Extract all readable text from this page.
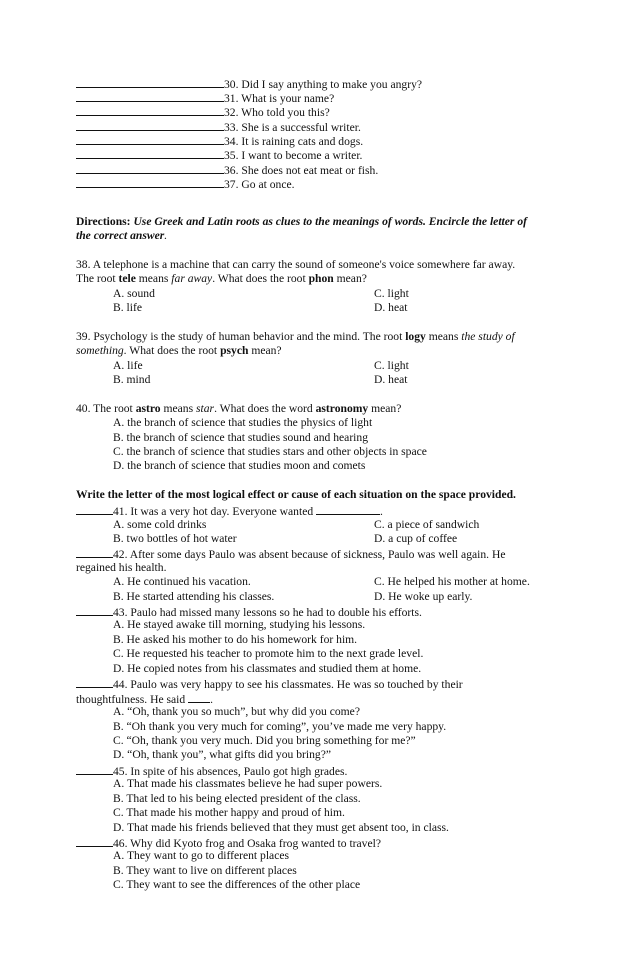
30. Did I say anything to make you angry?
31. What is your name?
32. Who told you this?
33. She is a successful writer.
34. It is raining cats and dogs.
35. I want to become a writer.
36. She does not eat meat or fish.
37. Go at once.
Directions: Use Greek and Latin roots as clues to the meanings of words. Encircle the letter of
the correct answer.
38. A telephone is a machine that can carry the sound of someone's voice somewhere far away.
The root tele means far away. What does the root phon mean?
A. sound	C. light
B. life	D. heat
39. Psychology is the study of human behavior and the mind. The root logy means the study of
something. What does the root psych mean?
A. life	C. light
B. mind	D. heat
40. The root astro means star. What does the word astronomy mean?
A. the branch of science that studies the physics of light
B. the branch of science that studies sound and hearing
C. the branch of science that studies stars and other objects in space
D. the branch of science that studies moon and comets
Write the letter of the most logical effect or cause of each situation on the space provided.
41. It was a very hot day. Everyone wanted	.
A. some cold drinks	C. a piece of sandwich
B. two bottles of hot water	D. a cup of coffee
42. After some days Paulo was absent because of sickness, Paulo was well again. He
regained his health.
A. He continued his vacation.	C. He helped his mother at home.
B. He started attending his classes.	D. He woke up early.
43. Paulo had missed many lessons so he had to double his efforts.
A. He stayed awake till morning, studying his lessons.
B. He asked his mother to do his homework for him.
C. He requested his teacher to promote him to the next grade level.
D. He copied notes from his classmates and studied them at home.
44. Paulo was very happy to see his classmates. He was so touched by their
thoughtfulness. He said .
A. “Oh, thank you so much”, but why did you come?
B. “Oh thank you very much for coming”, you’ve made me very happy.
C. “Oh, thank you very much. Did you bring something for me?”
D. “Oh, thank you”, what gifts did you bring?”
45. In spite of his absences, Paulo got high grades.
A. That made his classmates believe he had super powers.
B. That led to his being elected president of the class.
C. That made his mother happy and proud of him.
D. That made his friends believed that they must get absent too, in class.
46. Why did Kyoto frog and Osaka frog wanted to travel?
A. They want to go to different places
B. They want to live on different places
C. They want to see the differences of the other place
